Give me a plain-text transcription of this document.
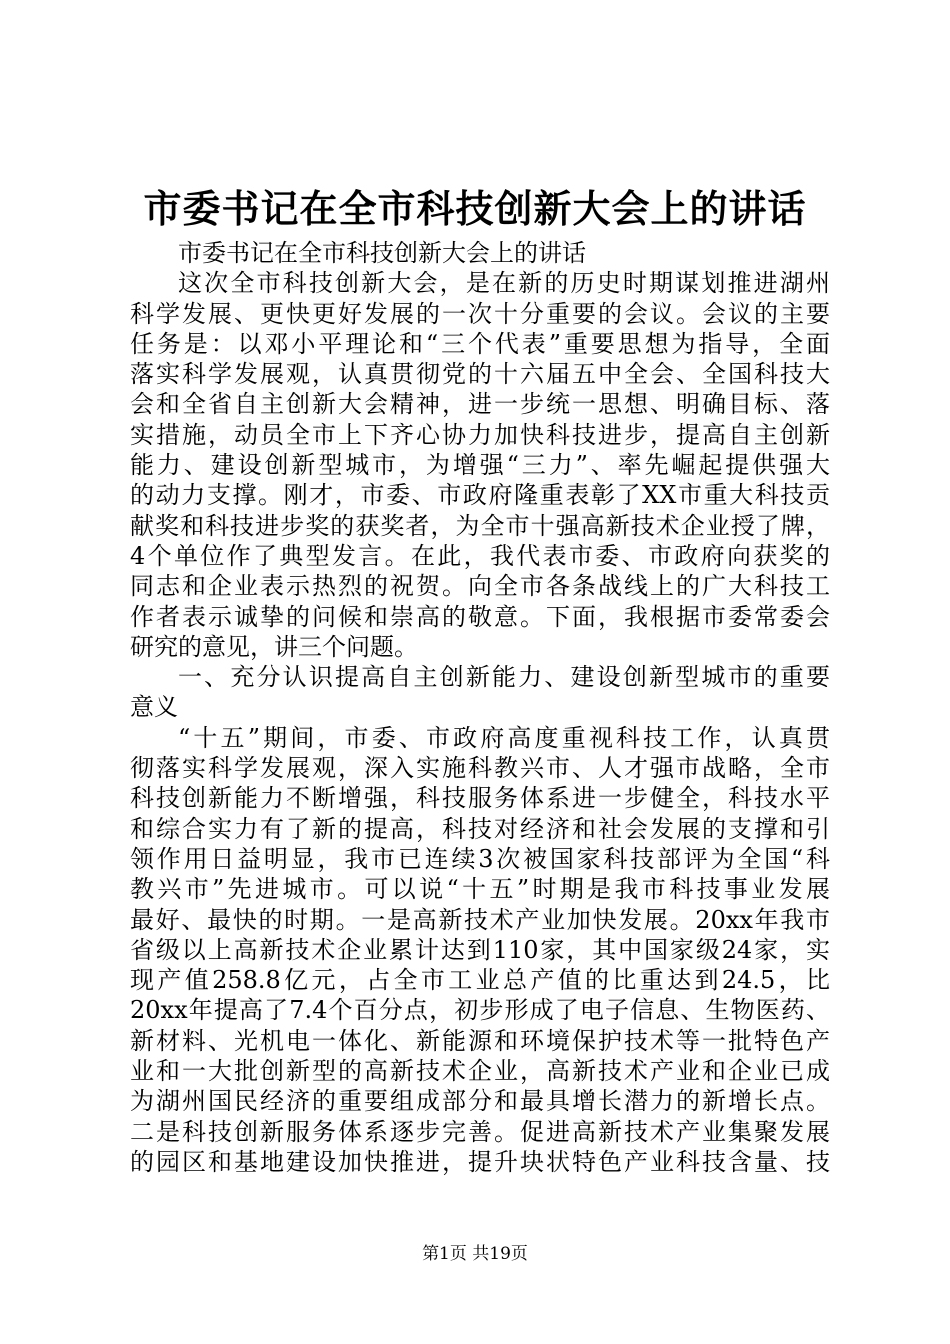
市委书记在全市科技创新大会上的讲话
市委书记在全市科技创新大会上的讲话
这次全市科技创新大会，是在新的历史时期谋划推进湖州
科学发展、更快更好发展的一次十分重要的会议。会议的主要
任务是：以邓小平理论和“三个代表”重要思想为指导，全面
落实科学发展观，认真贯彻党的十六届五中全会、全国科技大
会和全省自主创新大会精神，进一步统一思想、明确目标、落
实措施，动员全市上下齐心协力加快科技进步，提高自主创新
能力、建设创新型城市，为增强“三力”、率先崛起提供强大
的动力支撑。刚才，市委、市政府隆重表彰了XX市重大科技贡
献奖和科技进步奖的获奖者，为全市十强高新技术企业授了牌，
4个单位作了典型发言。在此，我代表市委、市政府向获奖的
同志和企业表示热烈的祝贺。向全市各条战线上的广大科技工
作者表示诚挚的问候和崇高的敬意。下面，我根据市委常委会
研究的意见，讲三个问题。
一、充分认识提高自主创新能力、建设创新型城市的重要
意义
“十五”期间，市委、市政府高度重视科技工作，认真贯
彻落实科学发展观，深入实施科教兴市、人才强市战略，全市
科技创新能力不断增强，科技服务体系进一步健全，科技水平
和综合实力有了新的提高，科技对经济和社会发展的支撑和引
领作用日益明显，我市已连续3次被国家科技部评为全国“科
教兴市”先进城市。可以说“十五”时期是我市科技事业发展
最好、最快的时期。一是高新技术产业加快发展。20xx年我市
省级以上高新技术企业累计达到110家，其中国家级24家，实
现产值258.8亿元，占全市工业总产值的比重达到24.5，比
20xx年提高了7.4个百分点，初步形成了电子信息、生物医药、
新材料、光机电一体化、新能源和环境保护技术等一批特色产
业和一大批创新型的高新技术企业，高新技术产业和企业已成
为湖州国民经济的重要组成部分和最具增长潜力的新增长点。
二是科技创新服务体系逐步完善。促进高新技术产业集聚发展
的园区和基地建设加快推进，提升块状特色产业科技含量、技
第1页 共19页
